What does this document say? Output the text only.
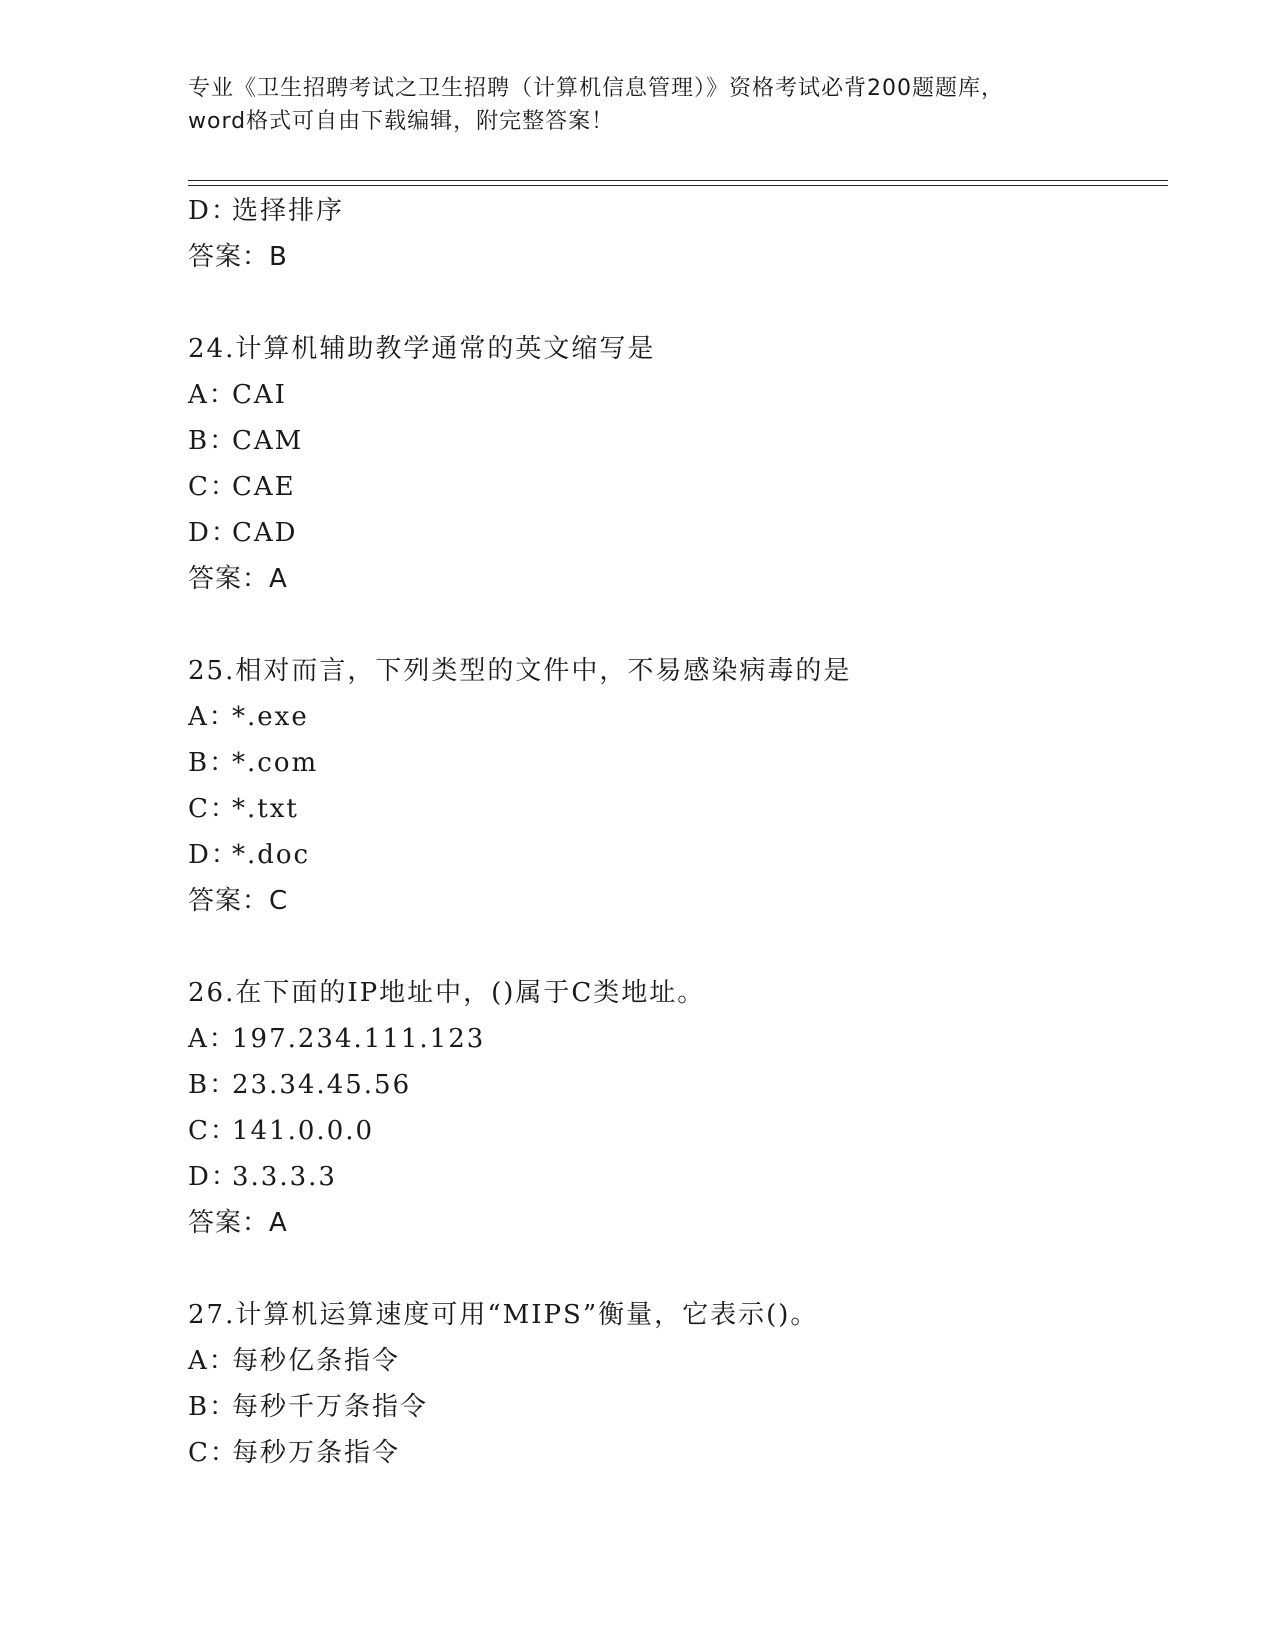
专业《卫生招聘考试之卫生招聘（计算机信息管理）》资格考试必背200题题库，
word格式可自由下载编辑，附完整答案！
D：选择排序
答案：B
24.计算机辅助教学通常的英文缩写是
A：CAI
B：CAM
C：CAE
D：CAD
答案：A
25.相对而言，下列类型的文件中，不易感染病毒的是
A：*.exe
B：*.com
C：*.txt
D：*.doc
答案：C
26.在下面的IP地址中，()属于C类地址。
A：197.234.111.123
B：23.34.45.56
C：141.0.0.0
D：3.3.3.3
答案：A
27.计算机运算速度可用“MIPS”衡量，它表示()。
A：每秒亿条指令
B：每秒千万条指令
C：每秒万条指令
